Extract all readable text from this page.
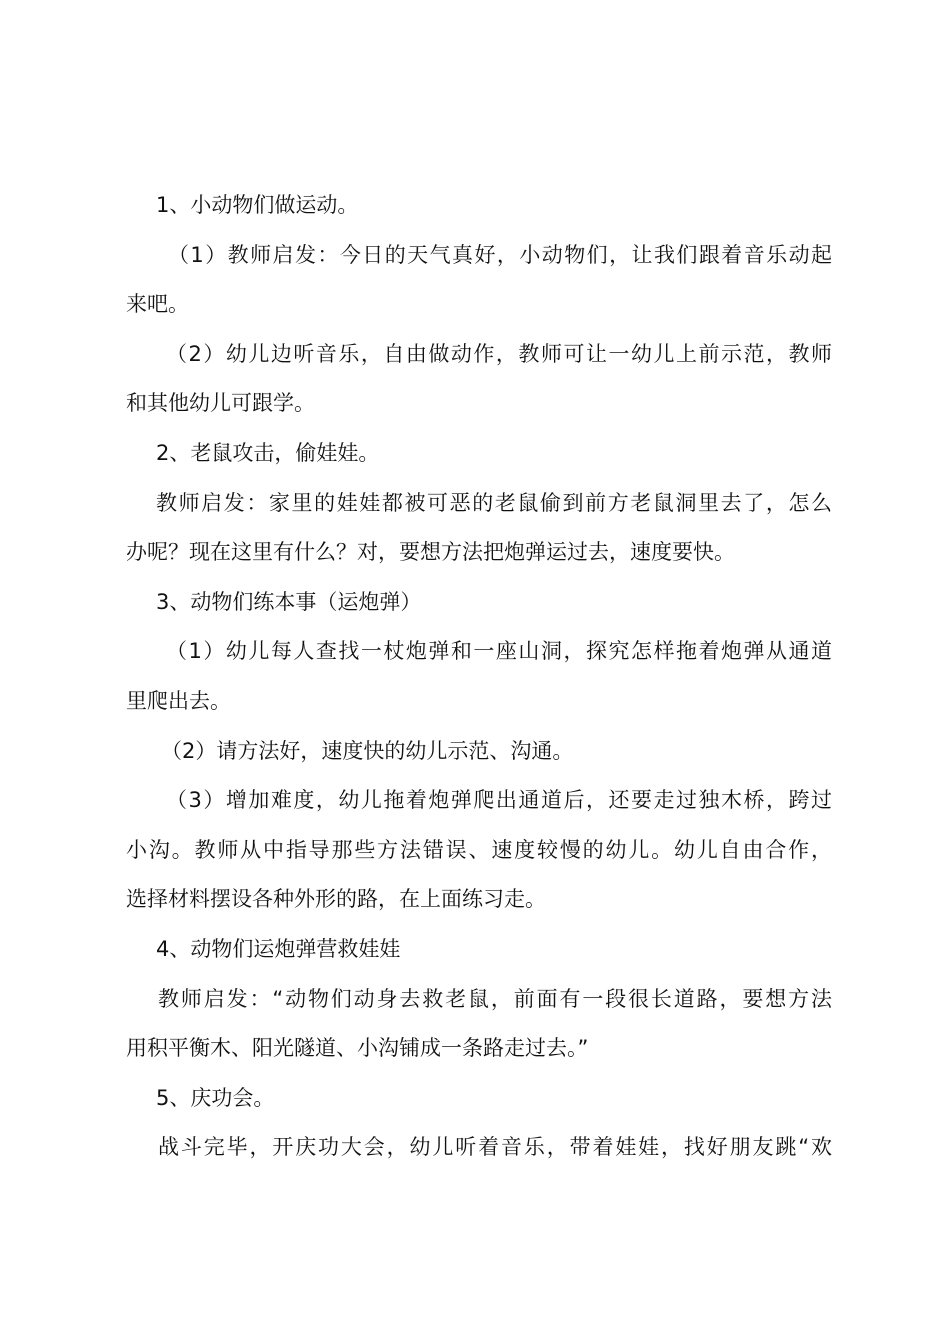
1、小动物们做运动。
（1）教师启发：今日的天气真好，小动物们，让我们跟着音乐动起
来吧。
（2）幼儿边听音乐，自由做动作，教师可让一幼儿上前示范，教师
和其他幼儿可跟学。
2、老鼠攻击，偷娃娃。
教师启发：家里的娃娃都被可恶的老鼠偷到前方老鼠洞里去了，怎么
办呢？现在这里有什么？对，要想方法把炮弹运过去，速度要快。
3、动物们练本事（运炮弹）
（1）幼儿每人查找一杖炮弹和一座山洞，探究怎样拖着炮弹从通道
里爬出去。
（2）请方法好，速度快的幼儿示范、沟通。
（3）增加难度，幼儿拖着炮弹爬出通道后，还要走过独木桥，跨过
小沟。教师从中指导那些方法错误、速度较慢的幼儿。幼儿自由合作，
选择材料摆设各种外形的路，在上面练习走。
4、动物们运炮弹营救娃娃
教师启发：“动物们动身去救老鼠，前面有一段很长道路，要想方法
用积平衡木、阳光隧道、小沟铺成一条路走过去。”
5、庆功会。
战斗完毕，开庆功大会，幼儿听着音乐，带着娃娃，找好朋友跳“欢
